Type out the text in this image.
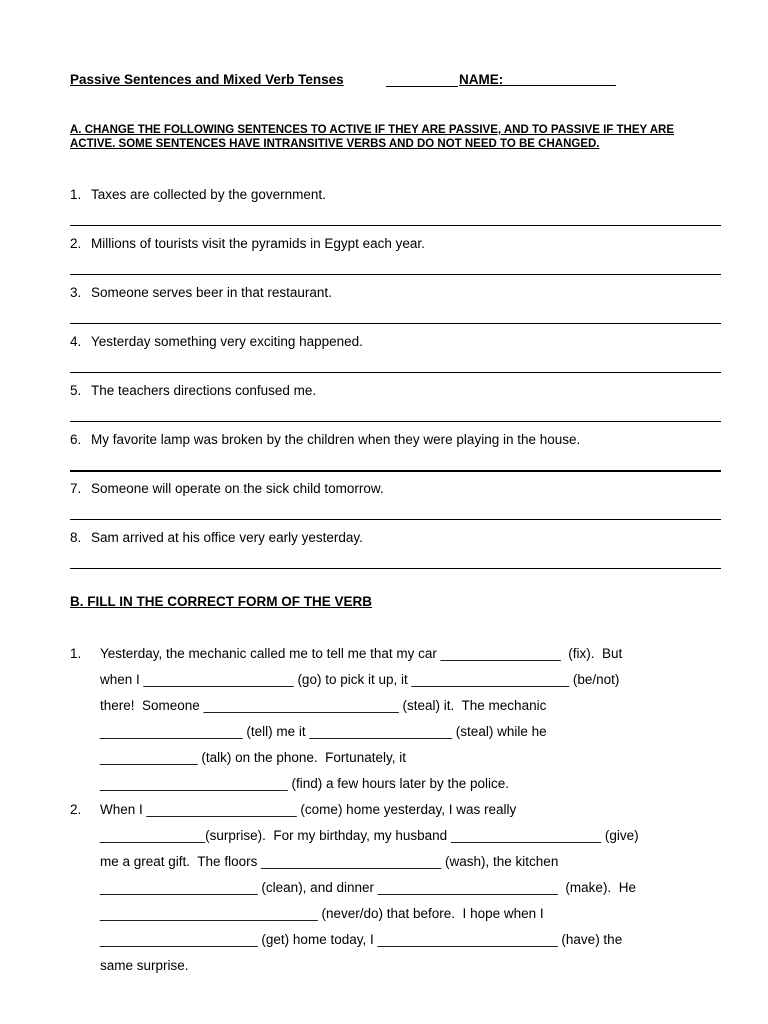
Passive Sentences and Mixed Verb Tenses	NAME:_______________
A. CHANGE THE FOLLOWING SENTENCES TO ACTIVE IF THEY ARE PASSIVE, AND TO PASSIVE IF THEY ARE ACTIVE. SOME SENTENCES HAVE INTRANSITIVE VERBS AND DO NOT NEED TO BE CHANGED.
1. Taxes are collected by the government.
2. Millions of tourists visit the pyramids in Egypt each year.
3. Someone serves beer in that restaurant.
4. Yesterday something very exciting happened.
5. The teachers directions confused me.
6. My favorite lamp was broken by the children when they were playing in the house.
7. Someone will operate on the sick child tomorrow.
8. Sam arrived at his office very early yesterday.
B. FILL IN THE CORRECT FORM OF THE VERB
1. Yesterday, the mechanic called me to tell me that my car ________________  (fix).  But
when I ____________________ (go) to pick it up, it _____________________ (be/not)
there!  Someone __________________________ (steal) it.  The mechanic
___________________ (tell) me it ___________________ (steal) while he
_____________ (talk) on the phone.  Fortunately, it
_________________________ (find) a few hours later by the police.
2. When I ____________________ (come) home yesterday, I was really
______________(surprise).  For my birthday, my husband ____________________ (give)
me a great gift.  The floors ________________________ (wash), the kitchen
_____________________ (clean), and dinner ________________________  (make).  He
_____________________________ (never/do) that before.  I hope when I
_____________________ (get) home today, I ________________________ (have) the
same surprise.
